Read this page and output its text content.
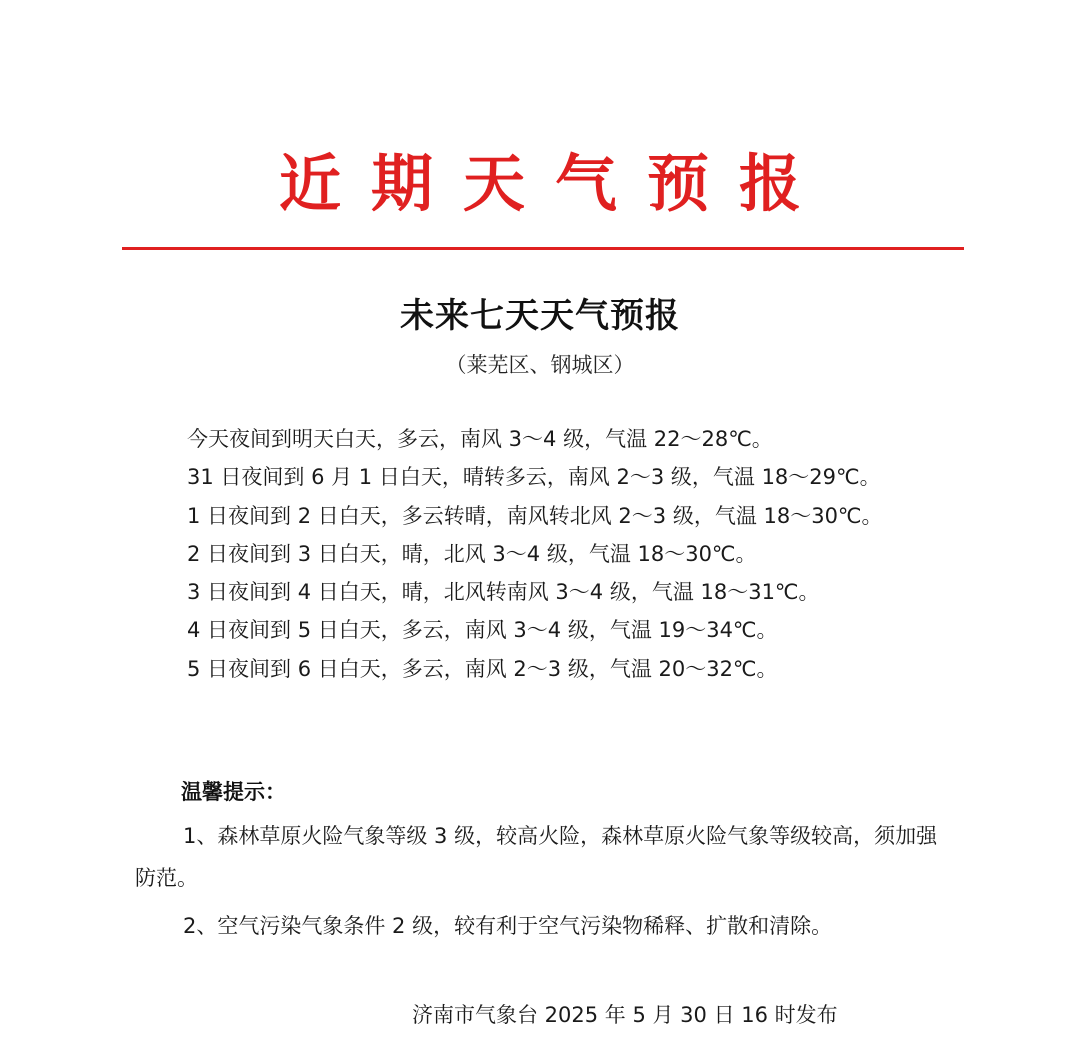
近期天气预报
未来七天天气预报
（莱芜区、钢城区）
今天夜间到明天白天，多云，南风 3～4 级，气温 22～28℃。
31 日夜间到 6 月 1 日白天，晴转多云，南风 2～3 级，气温 18～29℃。
1 日夜间到 2 日白天，多云转晴，南风转北风 2～3 级，气温 18～30℃。
2 日夜间到 3 日白天，晴，北风 3～4 级，气温 18～30℃。
3 日夜间到 4 日白天，晴，北风转南风 3～4 级，气温 18～31℃。
4 日夜间到 5 日白天，多云，南风 3～4 级，气温 19～34℃。
5 日夜间到 6 日白天，多云，南风 2～3 级，气温 20～32℃。
温馨提示：
1、森林草原火险气象等级 3 级，较高火险，森林草原火险气象等级较高，须加强防范。
2、空气污染气象条件 2 级，较有利于空气污染物稀释、扩散和清除。
济南市气象台 2025 年 5 月 30 日 16 时发布
